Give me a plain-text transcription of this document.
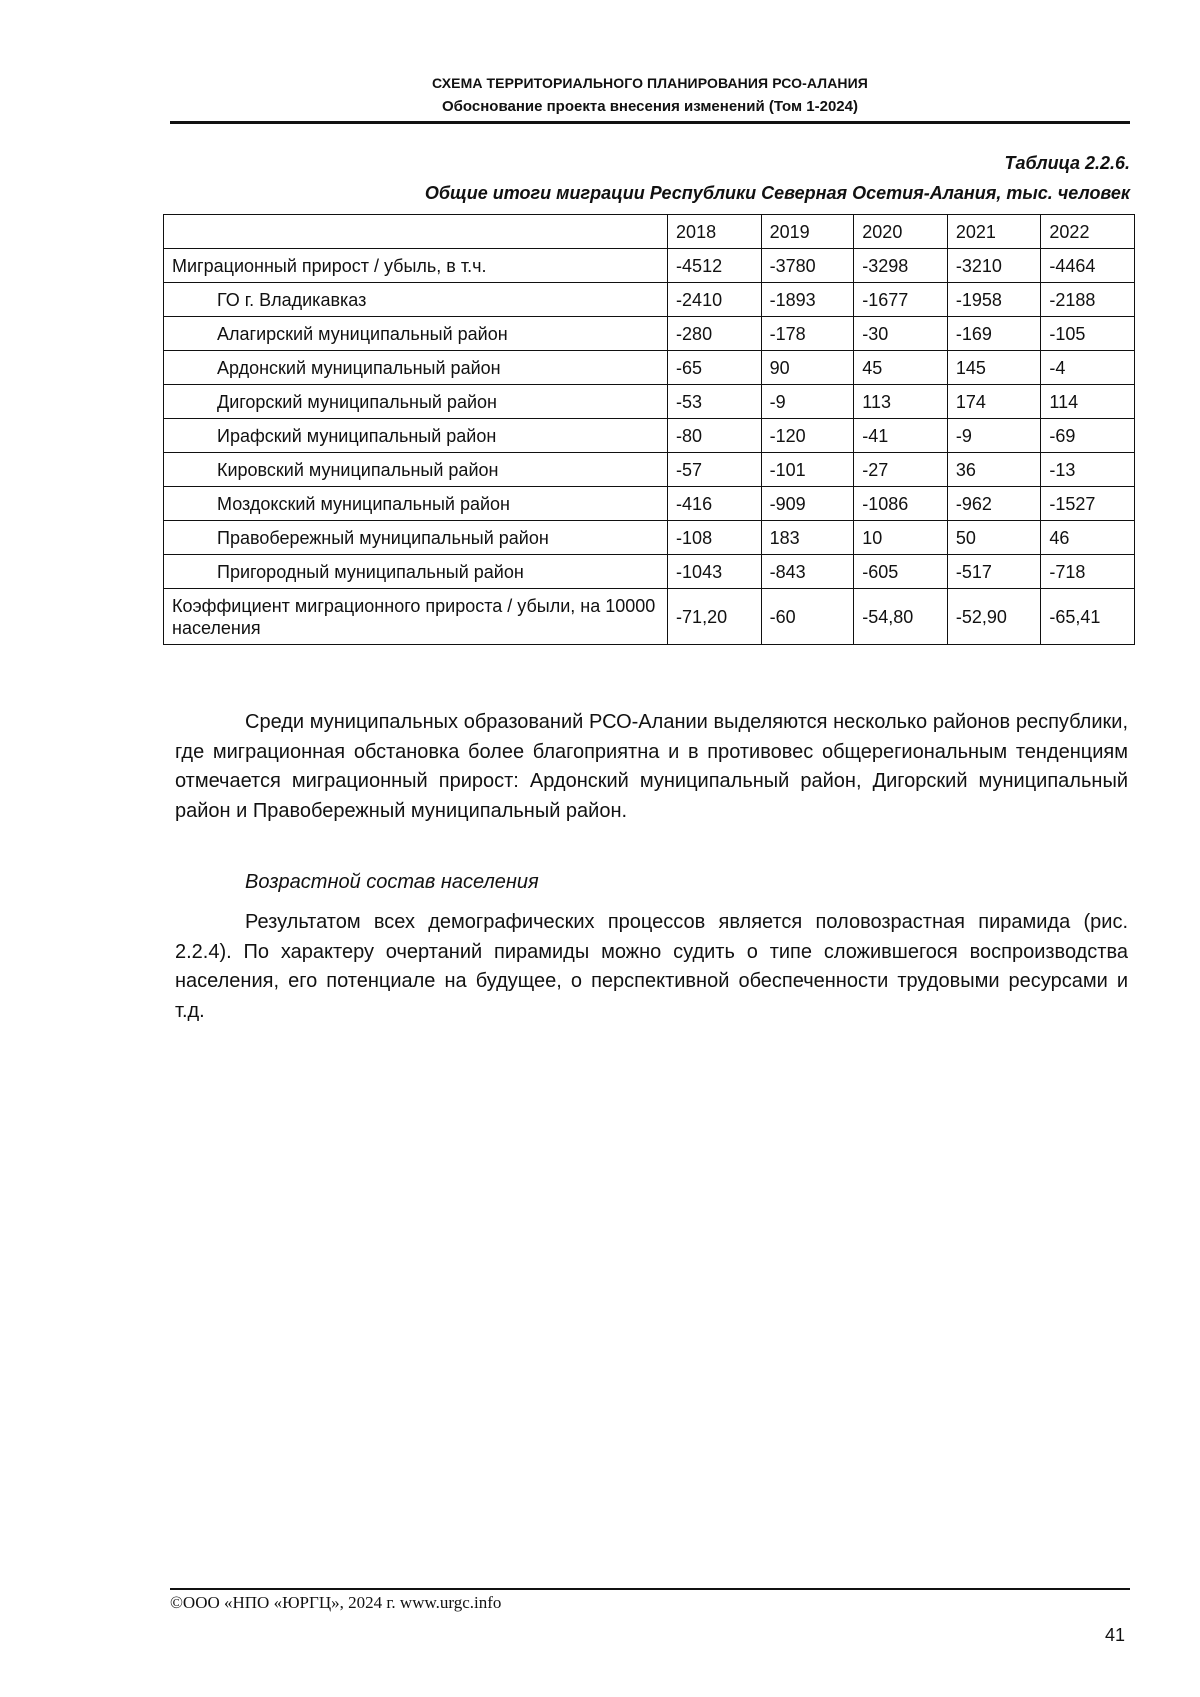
СХЕМА ТЕРРИТОРИАЛЬНОГО ПЛАНИРОВАНИЯ РСО-АЛАНИЯ
Обоснование проекта внесения изменений (Том 1-2024)
Таблица 2.2.6.
Общие итоги миграции Республики Северная Осетия-Алания, тыс. человек
	2018	2019	2020	2021	2022
Миграционный прирост / убыль, в т.ч.	-4512	-3780	-3298	-3210	-4464
ГО г. Владикавказ	-2410	-1893	-1677	-1958	-2188
Алагирский муниципальный район	-280	-178	-30	-169	-105
Ардонский муниципальный район	-65	90	45	145	-4
Дигорский муниципальный район	-53	-9	113	174	114
Ирафский муниципальный район	-80	-120	-41	-9	-69
Кировский муниципальный район	-57	-101	-27	36	-13
Моздокский муниципальный район	-416	-909	-1086	-962	-1527
Правобережный муниципальный район	-108	183	10	50	46
Пригородный муниципальный район	-1043	-843	-605	-517	-718
Коэффициент миграционного прироста / убыли, на 10000 населения	-71,20	-60	-54,80	-52,90	-65,41
Среди муниципальных образований РСО-Алании выделяются несколько районов республики, где миграционная обстановка более благоприятна и в противовес общерегиональным тенденциям отмечается миграционный прирост: Ардонский муниципальный район, Дигорский муниципальный район и Правобережный муниципальный район.
Возрастной состав населения
Результатом всех демографических процессов является половозрастная пирамида (рис. 2.2.4). По характеру очертаний пирамиды можно судить о типе сложившегося воспроизводства населения, его потенциале на будущее, о перспективной обеспеченности трудовыми ресурсами и т.д.
©ООО «НПО «ЮРГЦ», 2024 г. www.urgc.info
41
